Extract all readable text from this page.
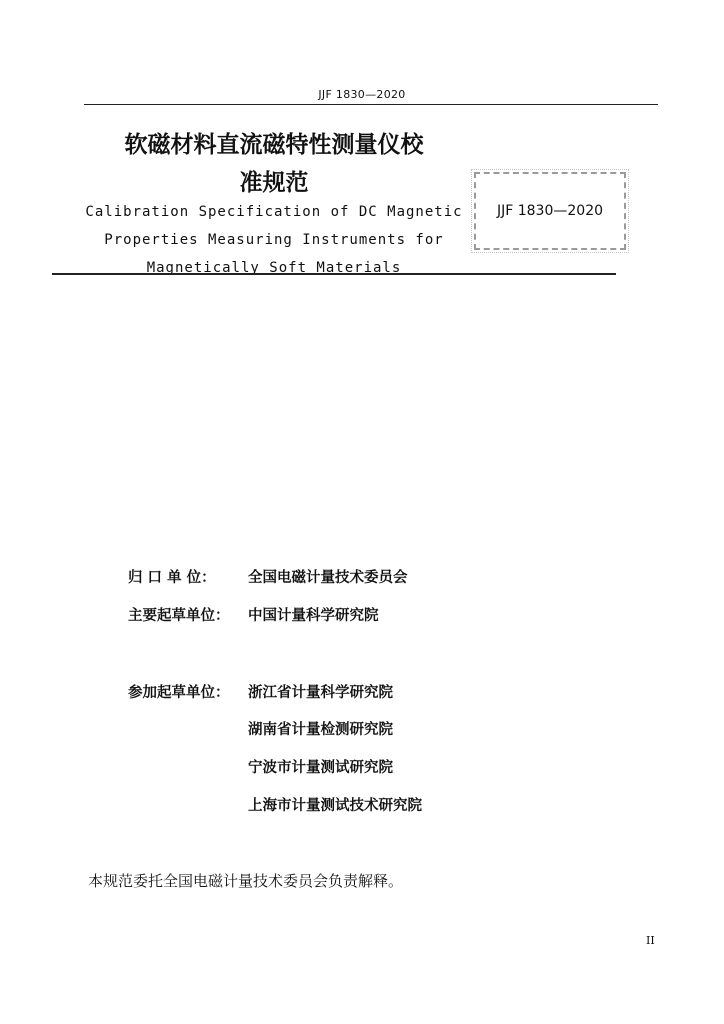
JJF 1830—2020
软磁材料直流磁特性测量仪校
准规范
Calibration Specification of DC Magnetic
Properties Measuring Instruments for
Magnetically Soft Materials
JJF 1830—2020
归 口 单 位： 全国电磁计量技术委员会
主要起草单位： 中国计量科学研究院
参加起草单位： 浙江省计量科学研究院
湖南省计量检测研究院
宁波市计量测试研究院
上海市计量测试技术研究院
本规范委托全国电磁计量技术委员会负责解释。
II
